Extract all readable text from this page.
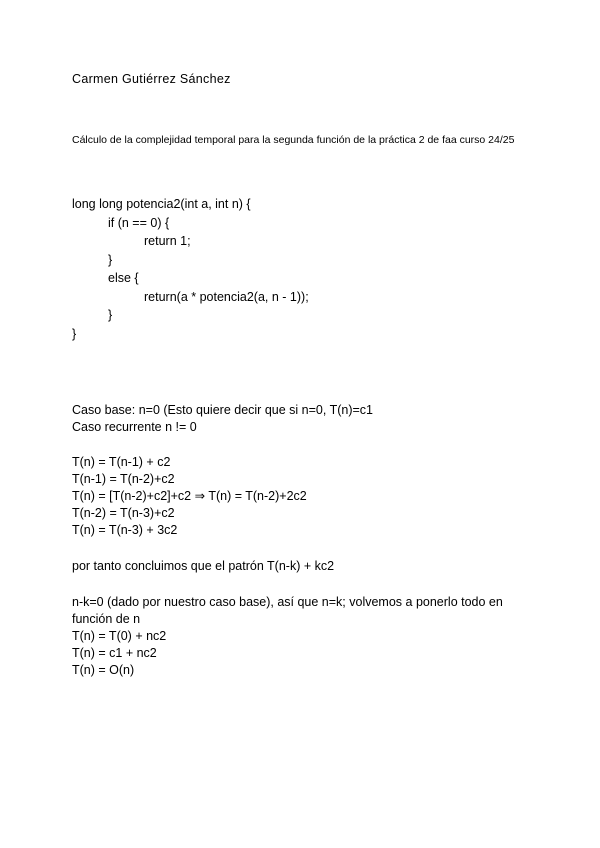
Carmen Gutiérrez Sánchez
Cálculo de la complejidad temporal para la segunda función de la práctica 2 de faa curso 24/25
long long potencia2(int a, int n) {
if (n == 0) {
return 1;
}
else {
return(a * potencia2(a, n - 1));
}
}
Caso base: n=0 (Esto quiere decir que si n=0, T(n)=c1
Caso recurrente n != 0
T(n) = T(n-1) + c2
T(n-1) = T(n-2)+c2
T(n) = [T(n-2)+c2]+c2 ⇒ T(n) = T(n-2)+2c2
T(n-2) = T(n-3)+c2
T(n) = T(n-3) + 3c2
por tanto concluimos que el patrón T(n-k) + kc2
n-k=0 (dado por nuestro caso base), así que n=k; volvemos a ponerlo todo en función de n
T(n) = T(0) + nc2
T(n) = c1 + nc2
T(n) = O(n)
